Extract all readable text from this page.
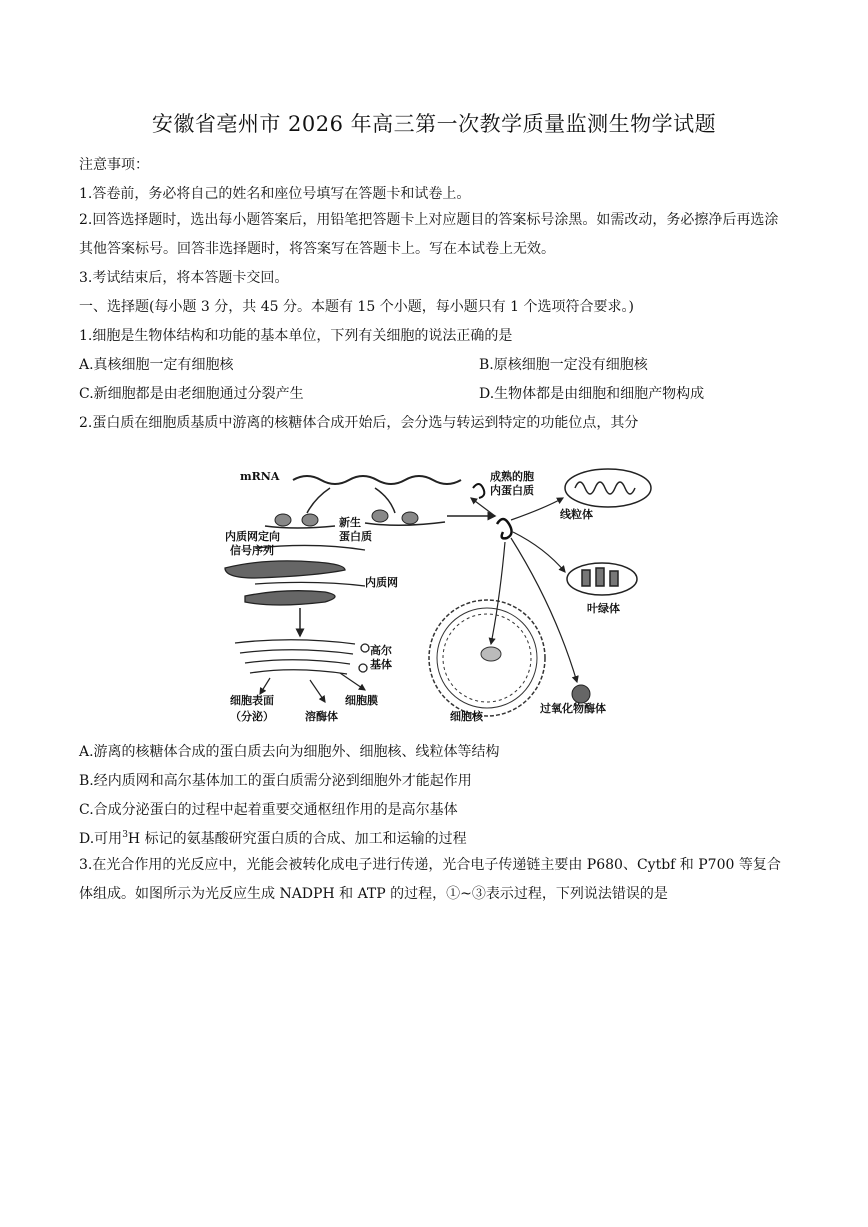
安徽省亳州市 2026 年高三第一次教学质量监测生物学试题
注意事项：
1.答卷前，务必将自己的姓名和座位号填写在答题卡和试卷上。
2.回答选择题时，选出每小题答案后，用铅笔把答题卡上对应题目的答案标号涂黑。如需改动，务必擦净后再选涂其他答案标号。回答非选择题时，将答案写在答题卡上。写在本试卷上无效。
3.考试结束后，将本答题卡交回。
一、选择题(每小题 3 分，共 45 分。本题有 15 个小题，每小题只有 1 个选项符合要求。)
1.细胞是生物体结构和功能的基本单位，下列有关细胞的说法正确的是
A.真核细胞一定有细胞核	B.原核细胞一定没有细胞核
C.新细胞都是由老细胞通过分裂产生	D.生物体都是由细胞和细胞产物构成
2.蛋白质在细胞质基质中游离的核糖体合成开始后，会分选与转运到特定的功能位点，其分
mRNA	成熟的胞
内蛋白质
线粒体
新生
蛋白质
内质网定向
信号序列
内质网
叶绿体
高尔
基体
细胞表面
（分泌）
细胞膜
溶酶体	细胞核
过氧化物酶体
A.游离的核糖体合成的蛋白质去向为细胞外、细胞核、线粒体等结构
B.经内质网和高尔基体加工的蛋白质需分泌到细胞外才能起作用
C.合成分泌蛋白的过程中起着重要交通枢纽作用的是高尔基体
D.可用$^3$H 标记的氨基酸研究蛋白质的合成、加工和运输的过程
3.在光合作用的光反应中，光能会被转化成电子进行传递，光合电子传递链主要由 P680、Cytbf 和 P700 等复合体组成。如图所示为光反应生成 NADPH 和 ATP 的过程，①~③表示过程，下列说法错误的是
